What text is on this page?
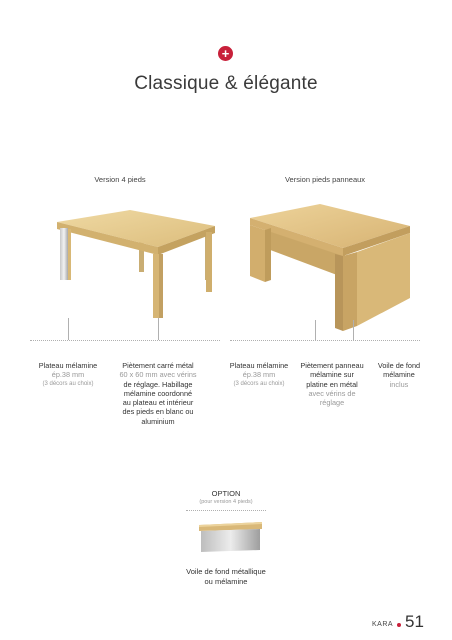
+
Classique & élégante
Version 4 pieds	Version pieds panneaux
Plateau mélamine
ép.38 mm
(3 décors au choix)
Piètement carré métal
60 x 60 mm avec vérins
de réglage. Habillage
mélamine coordonné
au plateau et intérieur
des pieds en blanc ou
aluminium
Plateau mélamine
ép.38 mm
(3 décors au choix)
Piètement panneau
mélamine sur
platine en métal
avec vérins de
réglage
Voile de fond
mélamine
inclus
OPTION
(pour version 4 pieds)
Voile de fond métallique
ou mélamine
KARA 51
